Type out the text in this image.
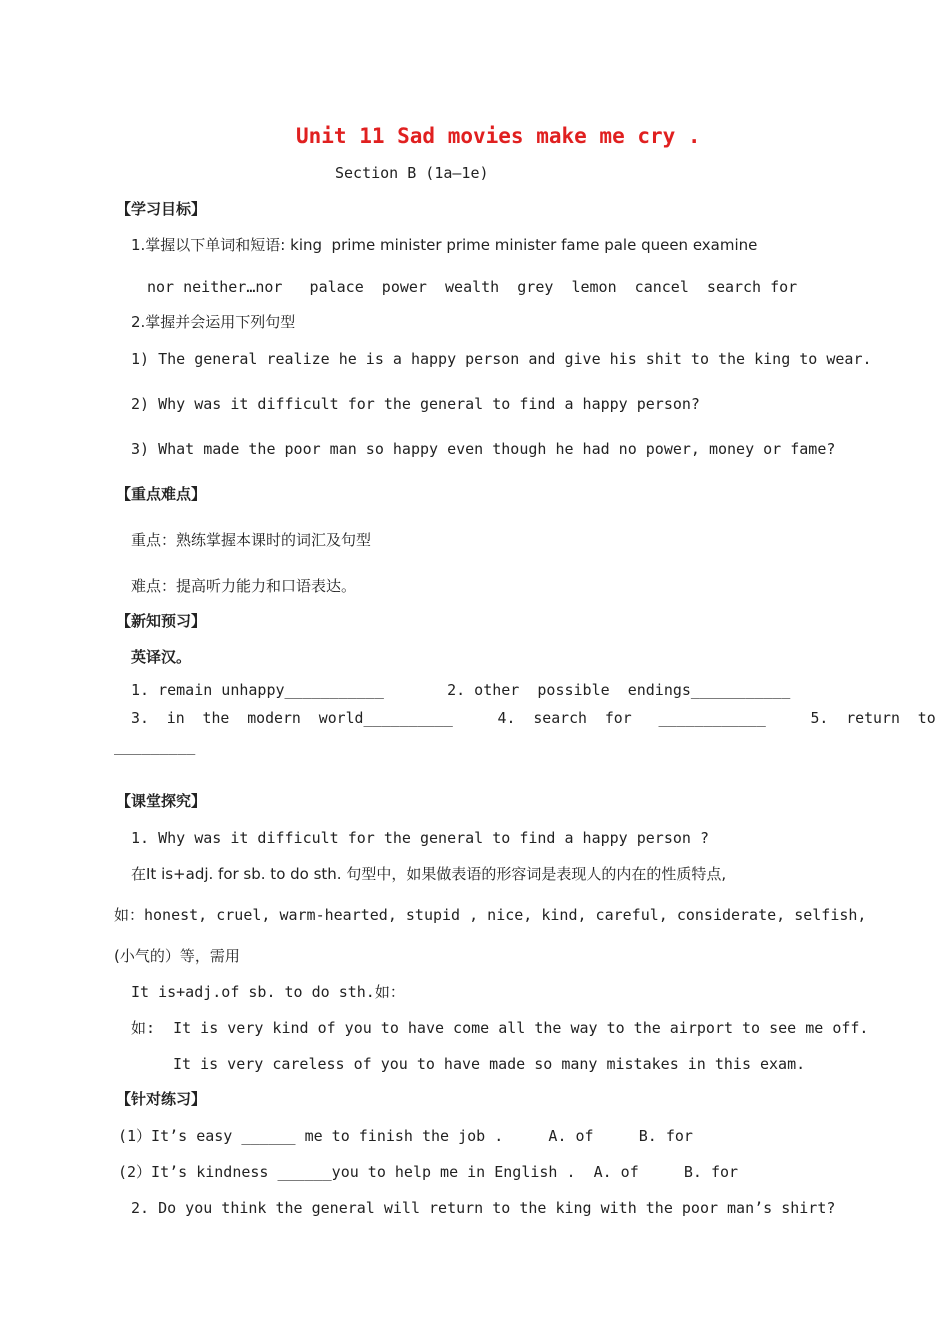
Unit 11 Sad movies make me cry .
Section B (1a—1e)
【学习目标】
1.掌握以下单词和短语: king  prime minister prime minister fame pale queen examine
nor neither…nor   palace  power  wealth  grey  lemon  cancel  search for
2.掌握并会运用下列句型
1) The general realize he is a happy person and give his shit to the king to wear.
2) Why was it difficult for the general to find a happy person?
3) What made the poor man so happy even though he had no power, money or fame?
【重点难点】
重点：熟练掌握本课时的词汇及句型
难点：提高听力能力和口语表达。
【新知预习】
英译汉。
1. remain unhappy___________       2. other  possible  endings___________
3.  in  the  modern  world__________     4.  search  for   ____________     5.  return  to
_________
【课堂探究】
1. Why was it difficult for the general to find a happy person ?
在It is+adj. for sb. to do sth. 句型中，如果做表语的形容词是表现人的内在的性质特点,
如：honest, cruel, warm-hearted, stupid , nice, kind, careful, considerate, selfish,
(小气的）等，需用
It is+adj.of sb. to do sth.如：
如:  It is very kind of you to have come all the way to the airport to see me off.
It is very careless of you to have made so many mistakes in this exam.
【针对练习】
(1）It’s easy ______ me to finish the job .     A. of     B. for
(2）It’s kindness ______you to help me in English .  A. of     B. for
2. Do you think the general will return to the king with the poor man’s shirt?
